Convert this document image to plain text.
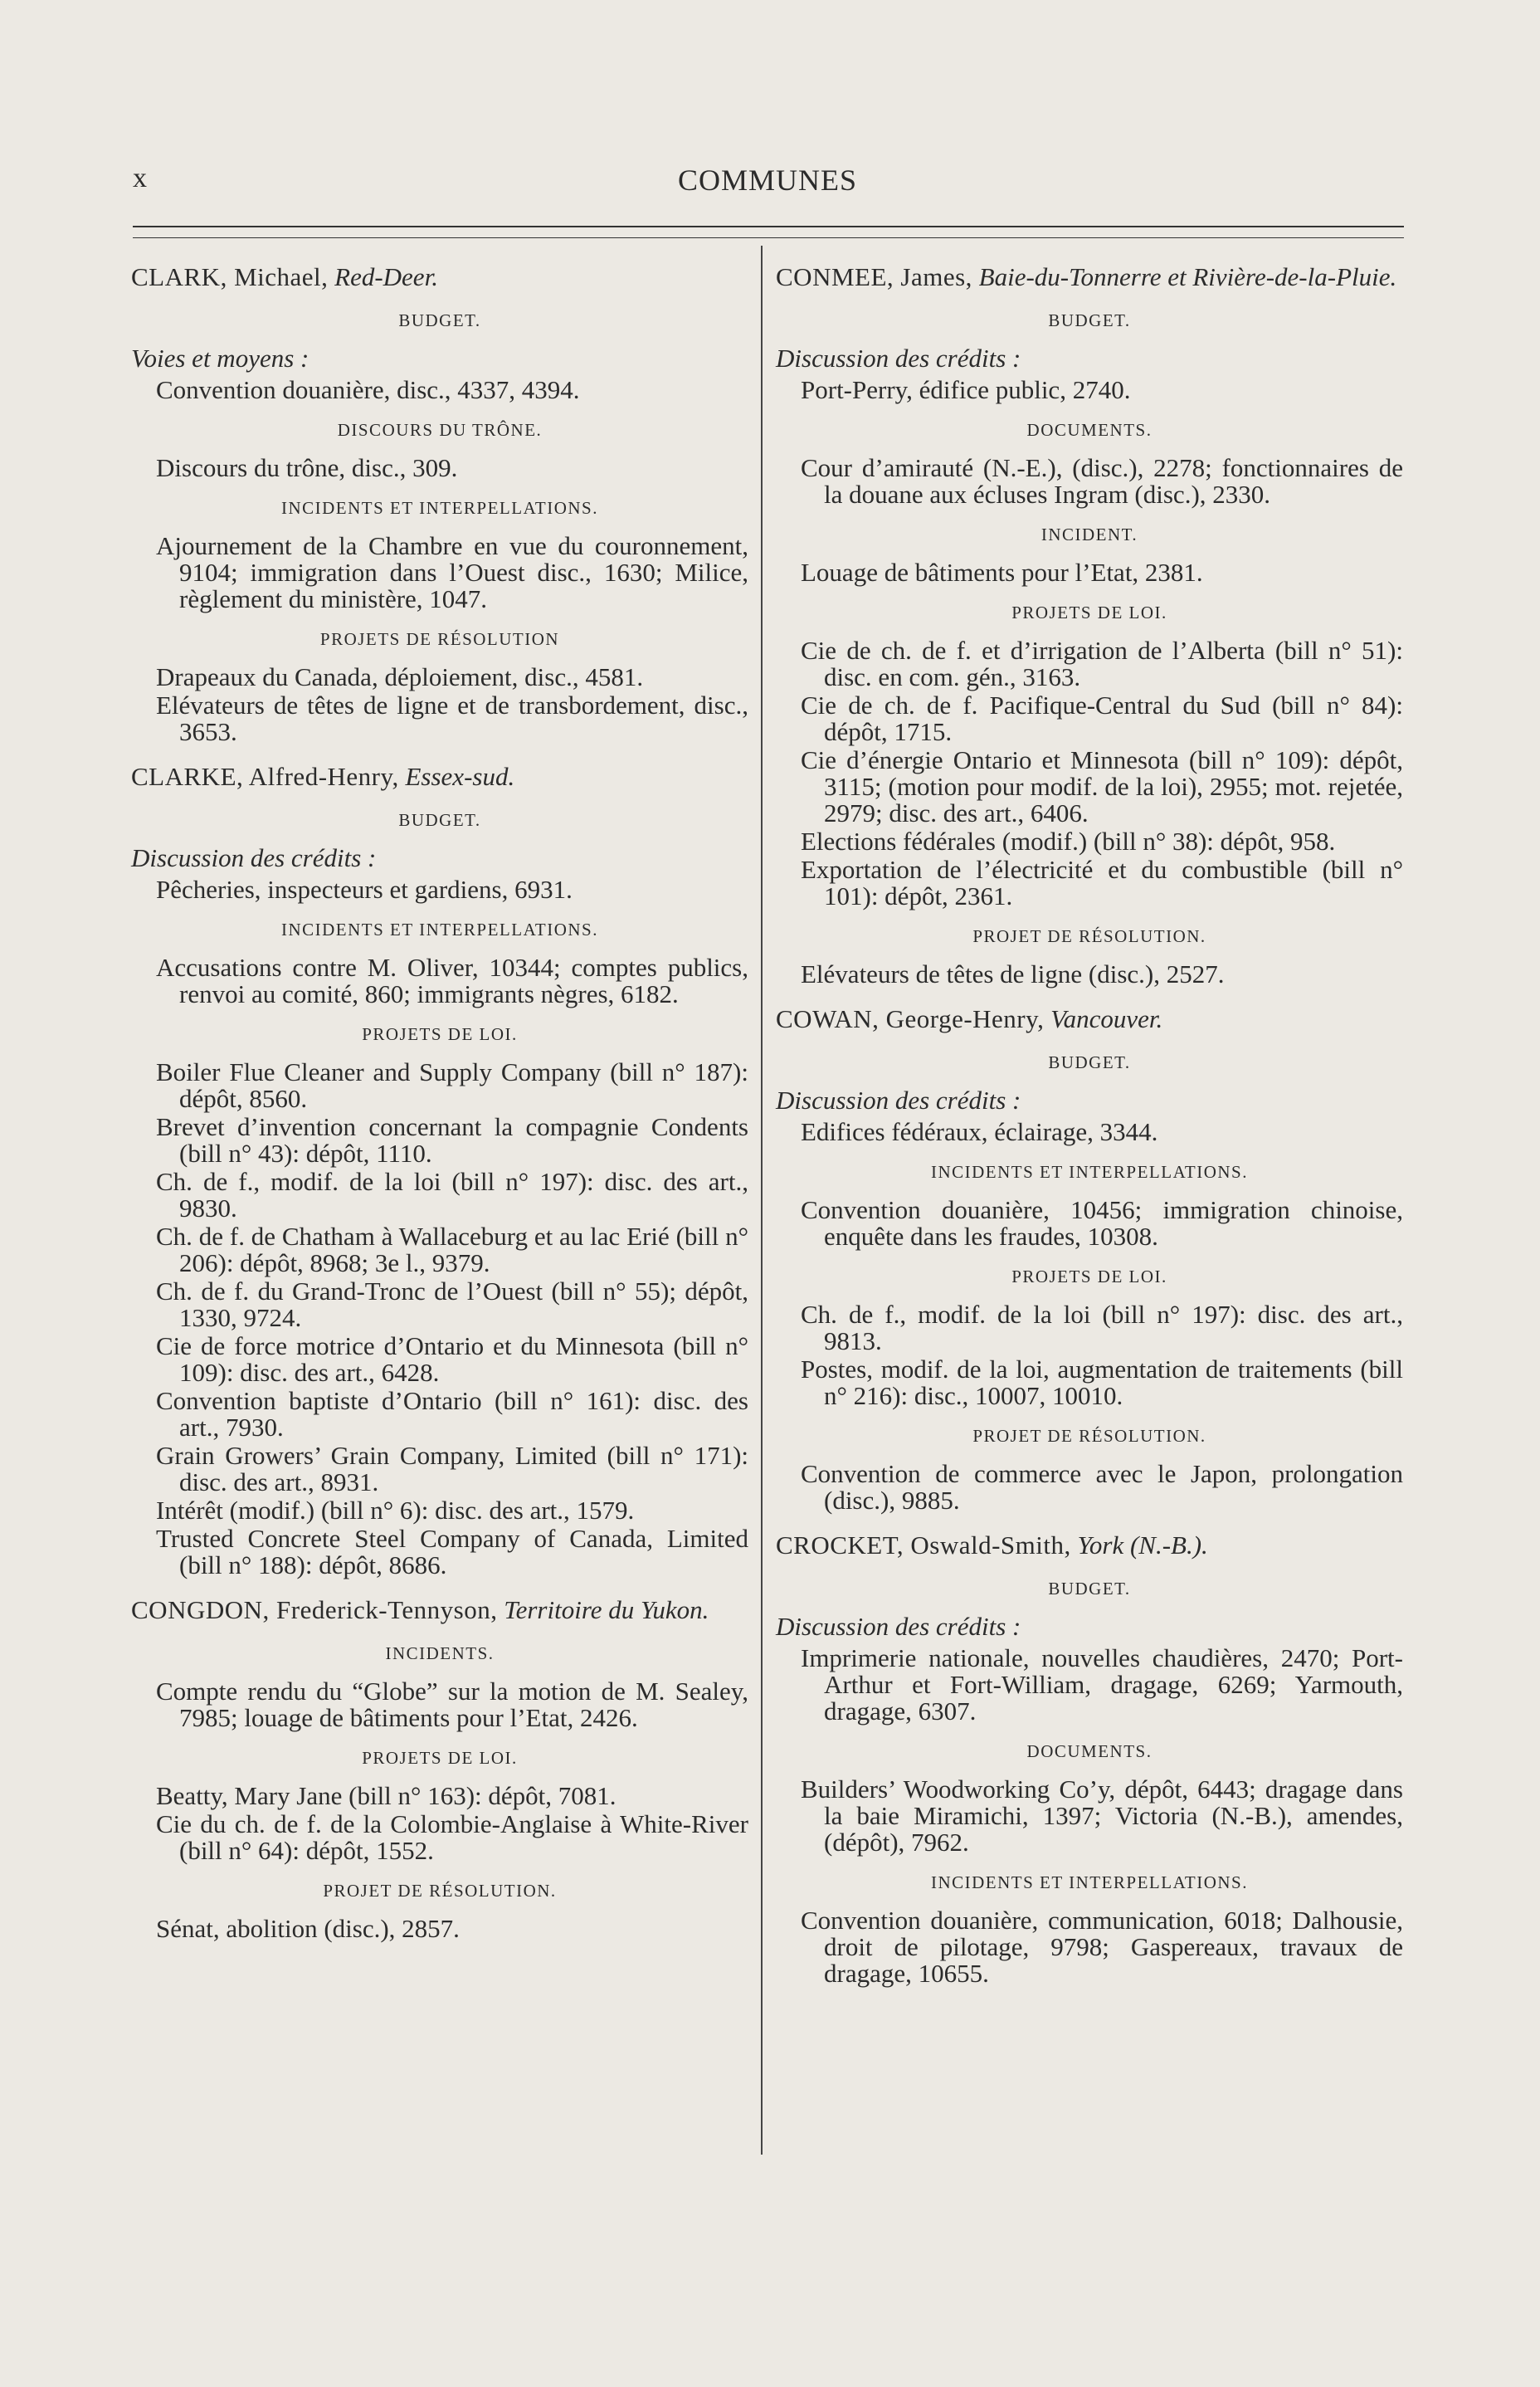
x	COMMUNES

CLARK, Michael, Red-Deer.

BUDGET.
Voies et moyens :

Convention douanière, disc., 4337, 4394.

DISCOURS DU TRÔNE.

Discours du trône, disc., 309.

INCIDENTS ET INTERPELLATIONS.

Ajournement de la Chambre en vue du couronnement, 9104; immigration dans l’Ouest disc., 1630; Milice, règlement du ministère, 1047.

PROJETS DE RÉSOLUTION

Drapeaux du Canada, déploiement, disc., 4581.

Elévateurs de têtes de ligne et de transbordement, disc., 3653.

CLARKE, Alfred-Henry, Essex-sud.

BUDGET.
Discussion des crédits :

Pêcheries, inspecteurs et gardiens, 6931.

INCIDENTS ET INTERPELLATIONS.

Accusations contre M. Oliver, 10344; comptes publics, renvoi au comité, 860; immigrants nègres, 6182.

PROJETS DE LOI.

Boiler Flue Cleaner and Supply Company (bill n° 187): dépôt, 8560.

Brevet d’invention concernant la compagnie Condents (bill n° 43): dépôt, 1110.

Ch. de f., modif. de la loi (bill n° 197): disc. des art., 9830.

Ch. de f. de Chatham à Wallaceburg et au lac Erié (bill n° 206): dépôt, 8968; 3e l., 9379.

Ch. de f. du Grand-Tronc de l’Ouest (bill n° 55); dépôt, 1330, 9724.

Cie de force motrice d’Ontario et du Minnesota (bill n° 109): disc. des art., 6428.

Convention baptiste d’Ontario (bill n° 161): disc. des art., 7930.

Grain Growers’ Grain Company, Limited (bill n° 171): disc. des art., 8931.

Intérêt (modif.) (bill n° 6): disc. des art., 1579.

Trusted Concrete Steel Company of Canada, Limited (bill n° 188): dépôt, 8686.

CONGDON, Frederick-Tennyson, Territoire du Yukon.

INCIDENTS.

Compte rendu du “Globe” sur la motion de M. Sealey, 7985; louage de bâtiments pour l’Etat, 2426.

PROJETS DE LOI.

Beatty, Mary Jane (bill n° 163): dépôt, 7081.

Cie du ch. de f. de la Colombie-Anglaise à White-River (bill n° 64): dépôt, 1552.

PROJET DE RÉSOLUTION.

Sénat, abolition (disc.), 2857.

CONMEE, James, Baie-du-Tonnerre et Rivière-de-la-Pluie.

BUDGET.
Discussion des crédits :

Port-Perry, édifice public, 2740.

DOCUMENTS.

Cour d’amirauté (N.-E.), (disc.), 2278; fonctionnaires de la douane aux écluses Ingram (disc.), 2330.

INCIDENT.

Louage de bâtiments pour l’Etat, 2381.

PROJETS DE LOI.

Cie de ch. de f. et d’irrigation de l’Alberta (bill n° 51): disc. en com. gén., 3163.

Cie de ch. de f. Pacifique-Central du Sud (bill n° 84): dépôt, 1715.

Cie d’énergie Ontario et Minnesota (bill n° 109): dépôt, 3115; (motion pour modif. de la loi), 2955; mot. rejetée, 2979; disc. des art., 6406.

Elections fédérales (modif.) (bill n° 38): dépôt, 958.

Exportation de l’électricité et du combustible (bill n° 101): dépôt, 2361.

PROJET DE RÉSOLUTION.

Elévateurs de têtes de ligne (disc.), 2527.

COWAN, George-Henry, Vancouver.

BUDGET.
Discussion des crédits :

Edifices fédéraux, éclairage, 3344.

INCIDENTS ET INTERPELLATIONS.

Convention douanière, 10456; immigration chinoise, enquête dans les fraudes, 10308.

PROJETS DE LOI.

Ch. de f., modif. de la loi (bill n° 197): disc. des art., 9813.

Postes, modif. de la loi, augmentation de traitements (bill n° 216): disc., 10007, 10010.

PROJET DE RÉSOLUTION.

Convention de commerce avec le Japon, prolongation (disc.), 9885.

CROCKET, Oswald-Smith, York (N.-B.).

BUDGET.
Discussion des crédits :

Imprimerie nationale, nouvelles chaudières, 2470; Port-Arthur et Fort-William, dragage, 6269; Yarmouth, dragage, 6307.

DOCUMENTS.

Builders’ Woodworking Co’y, dépôt, 6443; dragage dans la baie Miramichi, 1397; Victoria (N.-B.), amendes, (dépôt), 7962.

INCIDENTS ET INTERPELLATIONS.

Convention douanière, communication, 6018; Dalhousie, droit de pilotage, 9798; Gaspereaux, travaux de dragage, 10655.
